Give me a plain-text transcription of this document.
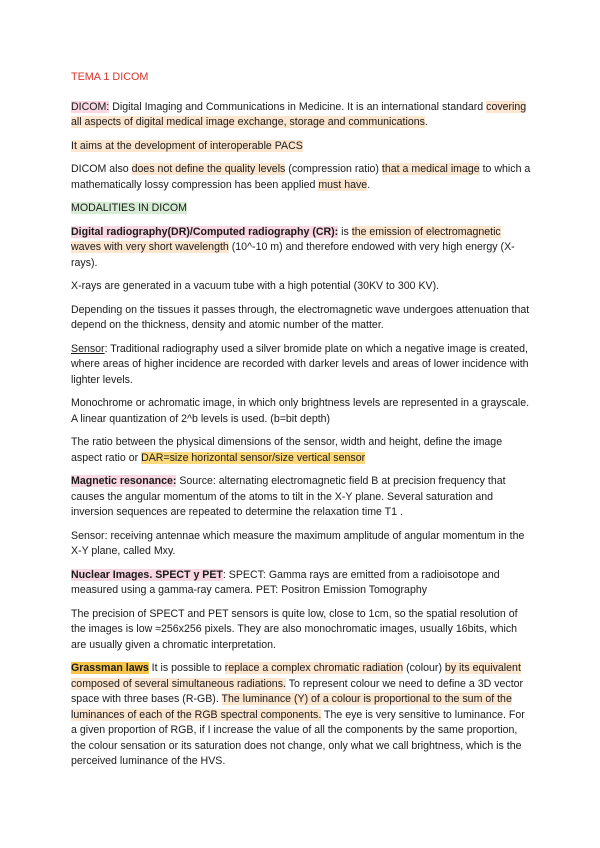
TEMA 1 DICOM

DICOM: Digital Imaging and Communications in Medicine. It is an international standard covering all aspects of digital medical image exchange, storage and communications.

It aims at the development of interoperable PACS

DICOM also does not define the quality levels (compression ratio) that a medical image to which a mathematically lossy compression has been applied must have.

MODALITIES IN DICOM

Digital radiography(DR)/Computed radiography (CR): is the emission of electromagnetic waves with very short wavelength (10^-10 m) and therefore endowed with very high energy (X-rays).

X-rays are generated in a vacuum tube with a high potential (30KV to 300 KV).

Depending on the tissues it passes through, the electromagnetic wave undergoes attenuation that depend on the thickness, density and atomic number of the matter.

Sensor: Traditional radiography used a silver bromide plate on which a negative image is created, where areas of higher incidence are recorded with darker levels and areas of lower incidence with lighter levels.

Monochrome or achromatic image, in which only brightness levels are represented in a grayscale. A linear quantization of 2^b levels is used. (b=bit depth)

The ratio between the physical dimensions of the sensor, width and height, define the image aspect ratio or DAR=size horizontal sensor/size vertical sensor

Magnetic resonance: Source: alternating electromagnetic field B at precision frequency that causes the angular momentum of the atoms to tilt in the X-Y plane. Several saturation and inversion sequences are repeated to determine the relaxation time T1 .

Sensor: receiving antennae which measure the maximum amplitude of angular momentum in the X-Y plane, called Mxy.

Nuclear Images. SPECT y PET: SPECT: Gamma rays are emitted from a radioisotope and measured using a gamma-ray camera. PET: Positron Emission Tomography

The precision of SPECT and PET sensors is quite low, close to 1cm, so the spatial resolution of the images is low ≈256x256 pixels. They are also monochromatic images, usually 16bits, which are usually given a chromatic interpretation.

Grassman laws It is possible to replace a complex chromatic radiation (colour) by its equivalent composed of several simultaneous radiations. To represent colour we need to define a 3D vector space with three bases (R-GB). The luminance (Y) of a colour is proportional to the sum of the luminances of each of the RGB spectral components. The eye is very sensitive to luminance. For a given proportion of RGB, if I increase the value of all the components by the same proportion, the colour sensation or its saturation does not change, only what we call brightness, which is the perceived luminance of the HVS.
